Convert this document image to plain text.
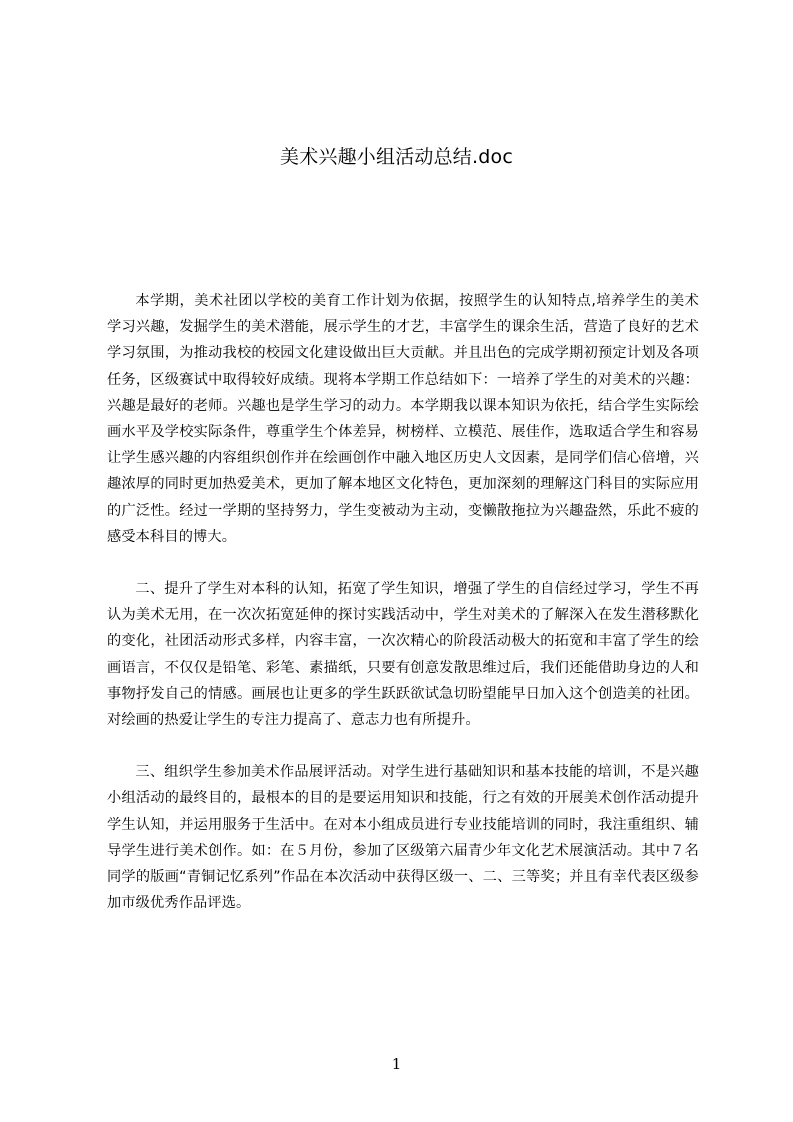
美术兴趣小组活动总结.doc

本学期，美术社团以学校的美育工作计划为依据，按照学生的认知特点,培养学生的美术学习兴趣，发掘学生的美术潜能，展示学生的才艺，丰富学生的课余生活，营造了良好的艺术学习氛围，为推动我校的校园文化建设做出巨大贡献。并且出色的完成学期初预定计划及各项任务，区级赛试中取得较好成绩。现将本学期工作总结如下：一培养了学生的对美术的兴趣：兴趣是最好的老师。兴趣也是学生学习的动力。本学期我以课本知识为依托，结合学生实际绘画水平及学校实际条件，尊重学生个体差异，树榜样、立模范、展佳作，选取适合学生和容易让学生感兴趣的内容组织创作并在绘画创作中融入地区历史人文因素，是同学们信心倍增，兴趣浓厚的同时更加热爱美术，更加了解本地区文化特色，更加深刻的理解这门科目的实际应用的广泛性。经过一学期的坚持努力，学生变被动为主动，变懒散拖拉为兴趣盎然，乐此不疲的感受本科目的博大。

二、提升了学生对本科的认知，拓宽了学生知识，增强了学生的自信经过学习，学生不再认为美术无用，在一次次拓宽延伸的探讨实践活动中，学生对美术的了解深入在发生潜移默化的变化，社团活动形式多样，内容丰富，一次次精心的阶段活动极大的拓宽和丰富了学生的绘画语言，不仅仅是铅笔、彩笔、素描纸，只要有创意发散思维过后，我们还能借助身边的人和事物抒发自己的情感。画展也让更多的学生跃跃欲试急切盼望能早日加入这个创造美的社团。对绘画的热爱让学生的专注力提高了、意志力也有所提升。

三、组织学生参加美术作品展评活动。对学生进行基础知识和基本技能的培训，不是兴趣小组活动的最终目的，最根本的目的是要运用知识和技能，行之有效的开展美术创作活动提升学生认知，并运用服务于生活中。在对本小组成员进行专业技能培训的同时，我注重组织、辅导学生进行美术创作。如：在５月份，参加了区级第六届青少年文化艺术展演活动。其中７名同学的版画“青铜记忆系列”作品在本次活动中获得区级一、二、三等奖；并且有幸代表区级参加市级优秀作品评选。

1
